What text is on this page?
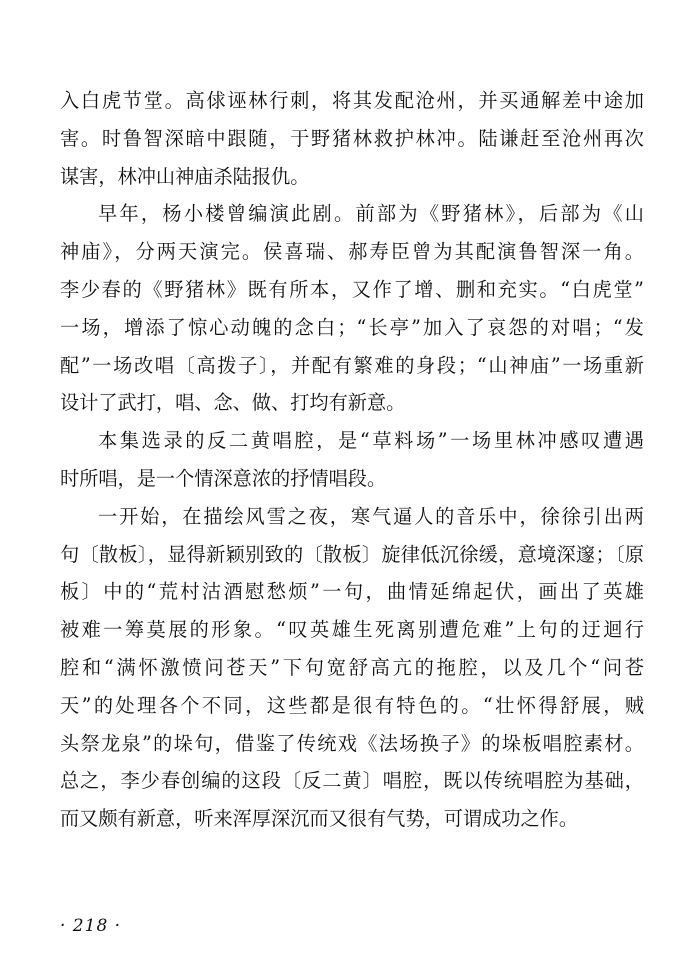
入白虎节堂。高俅诬林行刺，将其发配沧州，并买通解差中途加
害。时鲁智深暗中跟随，于野猪林救护林冲。陆谦赶至沧州再次
谋害，林冲山神庙杀陆报仇。
早年，杨小楼曾编演此剧。前部为《野猪林》，后部为《山
神庙》，分两天演完。侯喜瑞、郝寿臣曾为其配演鲁智深一角。
李少春的《野猪林》既有所本，又作了增、删和充实。“白虎堂”
一场，增添了惊心动魄的念白；“长亭”加入了哀怨的对唱；“发
配”一场改唱〔高拨子〕，并配有繁难的身段；“山神庙”一场重新
设计了武打，唱、念、做、打均有新意。
本集选录的反二黄唱腔，是“草料场”一场里林冲感叹遭遇
时所唱，是一个情深意浓的抒情唱段。
一开始，在描绘风雪之夜，寒气逼人的音乐中，徐徐引出两
句〔散板〕，显得新颖别致的〔散板〕旋律低沉徐缓，意境深邃；〔原
板〕中的“荒村沽酒慰愁烦”一句，曲情延绵起伏，画出了英雄
被难一筹莫展的形象。“叹英雄生死离别遭危难”上句的迂迴行
腔和“满怀激愤问苍天”下句宽舒高亢的拖腔，以及几个“问苍
天”的处理各个不同，这些都是很有特色的。“壮怀得舒展，贼
头祭龙泉”的垛句，借鉴了传统戏《法场换子》的垛板唱腔素材。
总之，李少春创编的这段〔反二黄〕唱腔，既以传统唱腔为基础，
而又颇有新意，听来浑厚深沉而又很有气势，可谓成功之作。
· 218 ·
